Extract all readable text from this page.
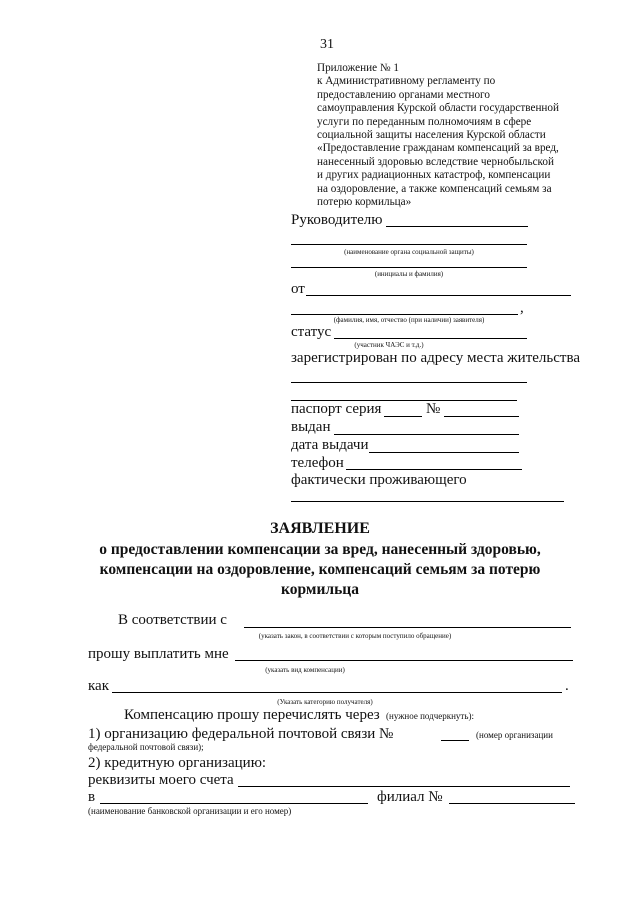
31
Приложение № 1
к Административному регламенту по
предоставлению органами местного
самоуправления Курской области государственной
услуги по переданным полномочиям в сфере
социальной защиты населения Курской области
«Предоставление гражданам компенсаций за вред,
нанесенный здоровью вследствие чернобыльской
и других радиационных катастроф, компенсации
на оздоровление, а также компенсаций семьям за
потерю кормильца»
Руководителю
(наименование органа социальной защиты)
(инициалы и фамилия)
от
,
(фамилия, имя, отчество (при наличии) заявителя)
статус
(участник ЧАЭС и т.д.)
зарегистрирован по адресу места жительства
паспорт серия	№
выдан
дата выдачи
телефон
фактически проживающего
ЗАЯВЛЕНИЕ
о предоставлении компенсации за вред, нанесенный здоровью,
компенсации на оздоровление, компенсаций семьям за потерю
кормильца
В соответствии с
(указать закон, в соответствии с которым поступило обращение)
прошу выплатить мне
(указать вид компенсации)
как	.
(Указать категорию получателя)
Компенсацию прошу перечислять через (нужное подчеркнуть):
1) организацию федеральной почтовой связи №	(номер организации
федеральной почтовой связи);
2) кредитную организацию:
реквизиты моего счета
в	филиал №
(наименование банковской организации и его номер)
